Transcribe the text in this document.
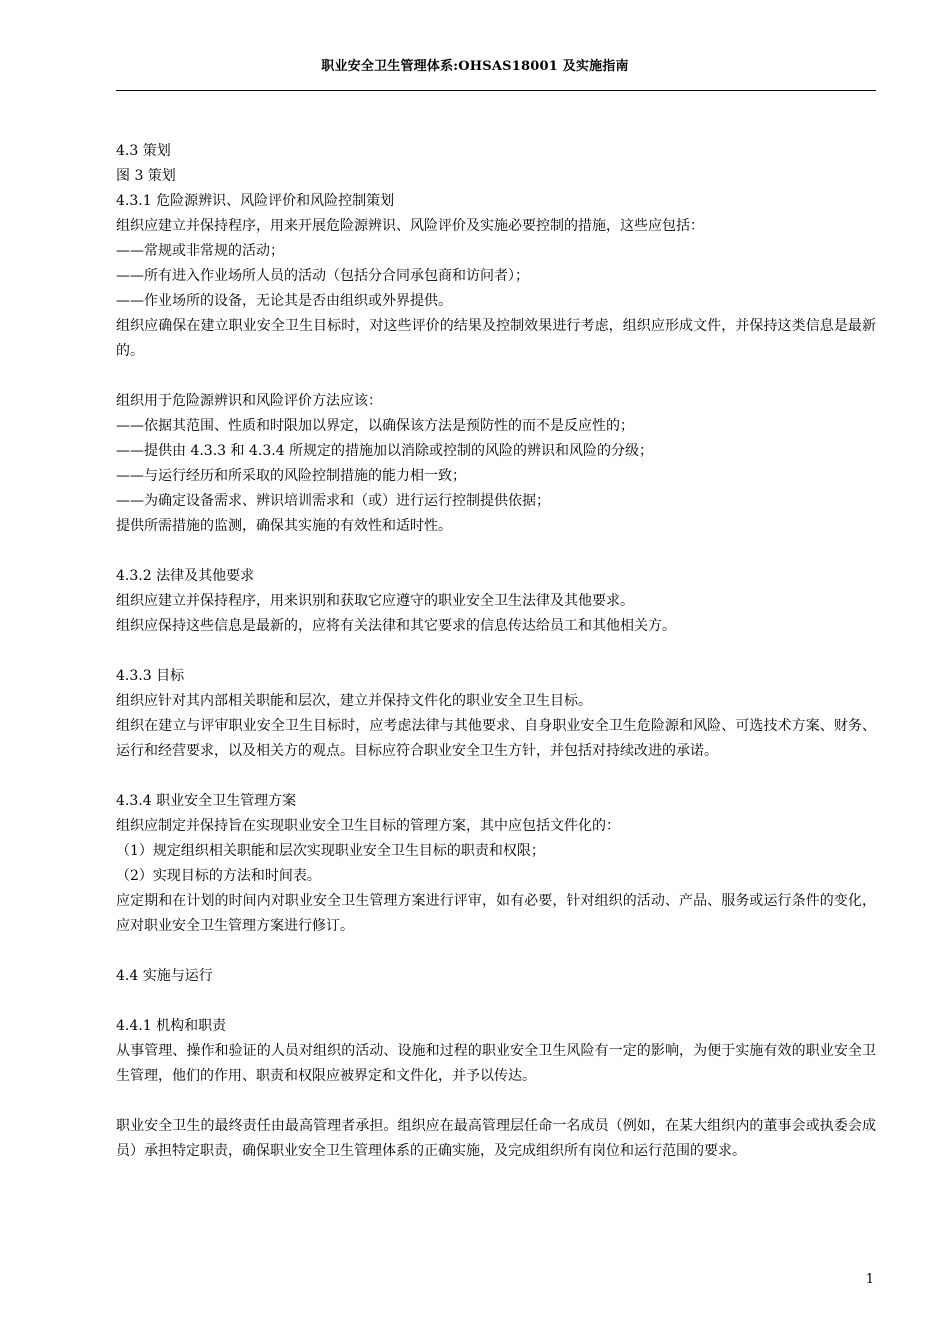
职业安全卫生管理体系:OHSAS18001 及实施指南
4.3 策划
图 3 策划
4.3.1 危险源辨识、风险评价和风险控制策划
组织应建立并保持程序，用来开展危险源辨识、风险评价及实施必要控制的措施，这些应包括：
——常规或非常规的活动；
——所有进入作业场所人员的活动（包括分合同承包商和访问者）；
——作业场所的设备，无论其是否由组织或外界提供。
组织应确保在建立职业安全卫生目标时，对这些评价的结果及控制效果进行考虑，组织应形成文件，并保持这类信息是最新的。
组织用于危险源辨识和风险评价方法应该：
——依据其范围、性质和时限加以界定，以确保该方法是预防性的而不是反应性的；
——提供由 4.3.3 和 4.3.4 所规定的措施加以消除或控制的风险的辨识和风险的分级；
——与运行经历和所采取的风险控制措施的能力相一致；
——为确定设备需求、辨识培训需求和（或）进行运行控制提供依据；
提供所需措施的监测，确保其实施的有效性和适时性。
4.3.2 法律及其他要求
组织应建立并保持程序，用来识别和获取它应遵守的职业安全卫生法律及其他要求。
组织应保持这些信息是最新的，应将有关法律和其它要求的信息传达给员工和其他相关方。
4.3.3 目标
组织应针对其内部相关职能和层次，建立并保持文件化的职业安全卫生目标。
组织在建立与评审职业安全卫生目标时，应考虑法律与其他要求、自身职业安全卫生危险源和风险、可选技术方案、财务、运行和经营要求，以及相关方的观点。目标应符合职业安全卫生方针，并包括对持续改进的承诺。
4.3.4 职业安全卫生管理方案
组织应制定并保持旨在实现职业安全卫生目标的管理方案，其中应包括文件化的：
（1）规定组织相关职能和层次实现职业安全卫生目标的职责和权限；
（2）实现目标的方法和时间表。
应定期和在计划的时间内对职业安全卫生管理方案进行评审，如有必要，针对组织的活动、产品、服务或运行条件的变化，应对职业安全卫生管理方案进行修订。
4.4 实施与运行
4.4.1 机构和职责
从事管理、操作和验证的人员对组织的活动、设施和过程的职业安全卫生风险有一定的影响，为便于实施有效的职业安全卫生管理，他们的作用、职责和权限应被界定和文件化，并予以传达。
职业安全卫生的最终责任由最高管理者承担。组织应在最高管理层任命一名成员（例如，在某大组织内的董事会或执委会成员）承担特定职责，确保职业安全卫生管理体系的正确实施，及完成组织所有岗位和运行范围的要求。
1
